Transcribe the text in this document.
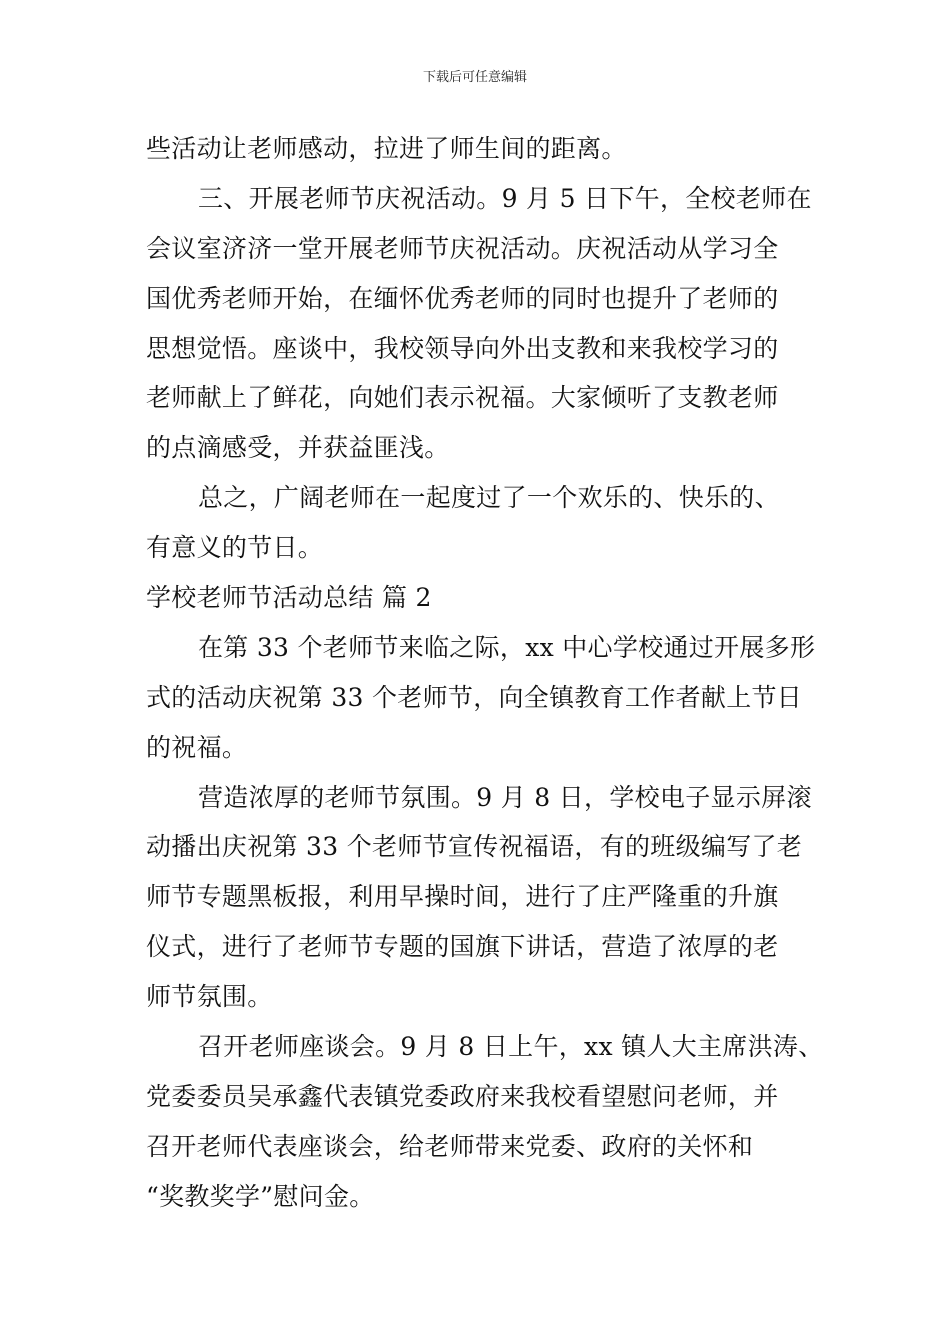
下载后可任意编辑
些活动让老师感动，拉进了师生间的距离。
三、开展老师节庆祝活动。9 月 5 日下午，全校老师在
会议室济济一堂开展老师节庆祝活动。庆祝活动从学习全
国优秀老师开始，在缅怀优秀老师的同时也提升了老师的
思想觉悟。座谈中，我校领导向外出支教和来我校学习的
老师献上了鲜花，向她们表示祝福。大家倾听了支教老师
的点滴感受，并获益匪浅。
总之，广阔老师在一起度过了一个欢乐的、快乐的、
有意义的节日。
学校老师节活动总结 篇 2
在第 33 个老师节来临之际，xx 中心学校通过开展多形
式的活动庆祝第 33 个老师节，向全镇教育工作者献上节日
的祝福。
营造浓厚的老师节氛围。9 月 8 日，学校电子显示屏滚
动播出庆祝第 33 个老师节宣传祝福语，有的班级编写了老
师节专题黑板报，利用早操时间，进行了庄严隆重的升旗
仪式，进行了老师节专题的国旗下讲话，营造了浓厚的老
师节氛围。
召开老师座谈会。9 月 8 日上午，xx 镇人大主席洪涛、
党委委员吴承鑫代表镇党委政府来我校看望慰问老师，并
召开老师代表座谈会，给老师带来党委、政府的关怀和
“奖教奖学”慰问金。
